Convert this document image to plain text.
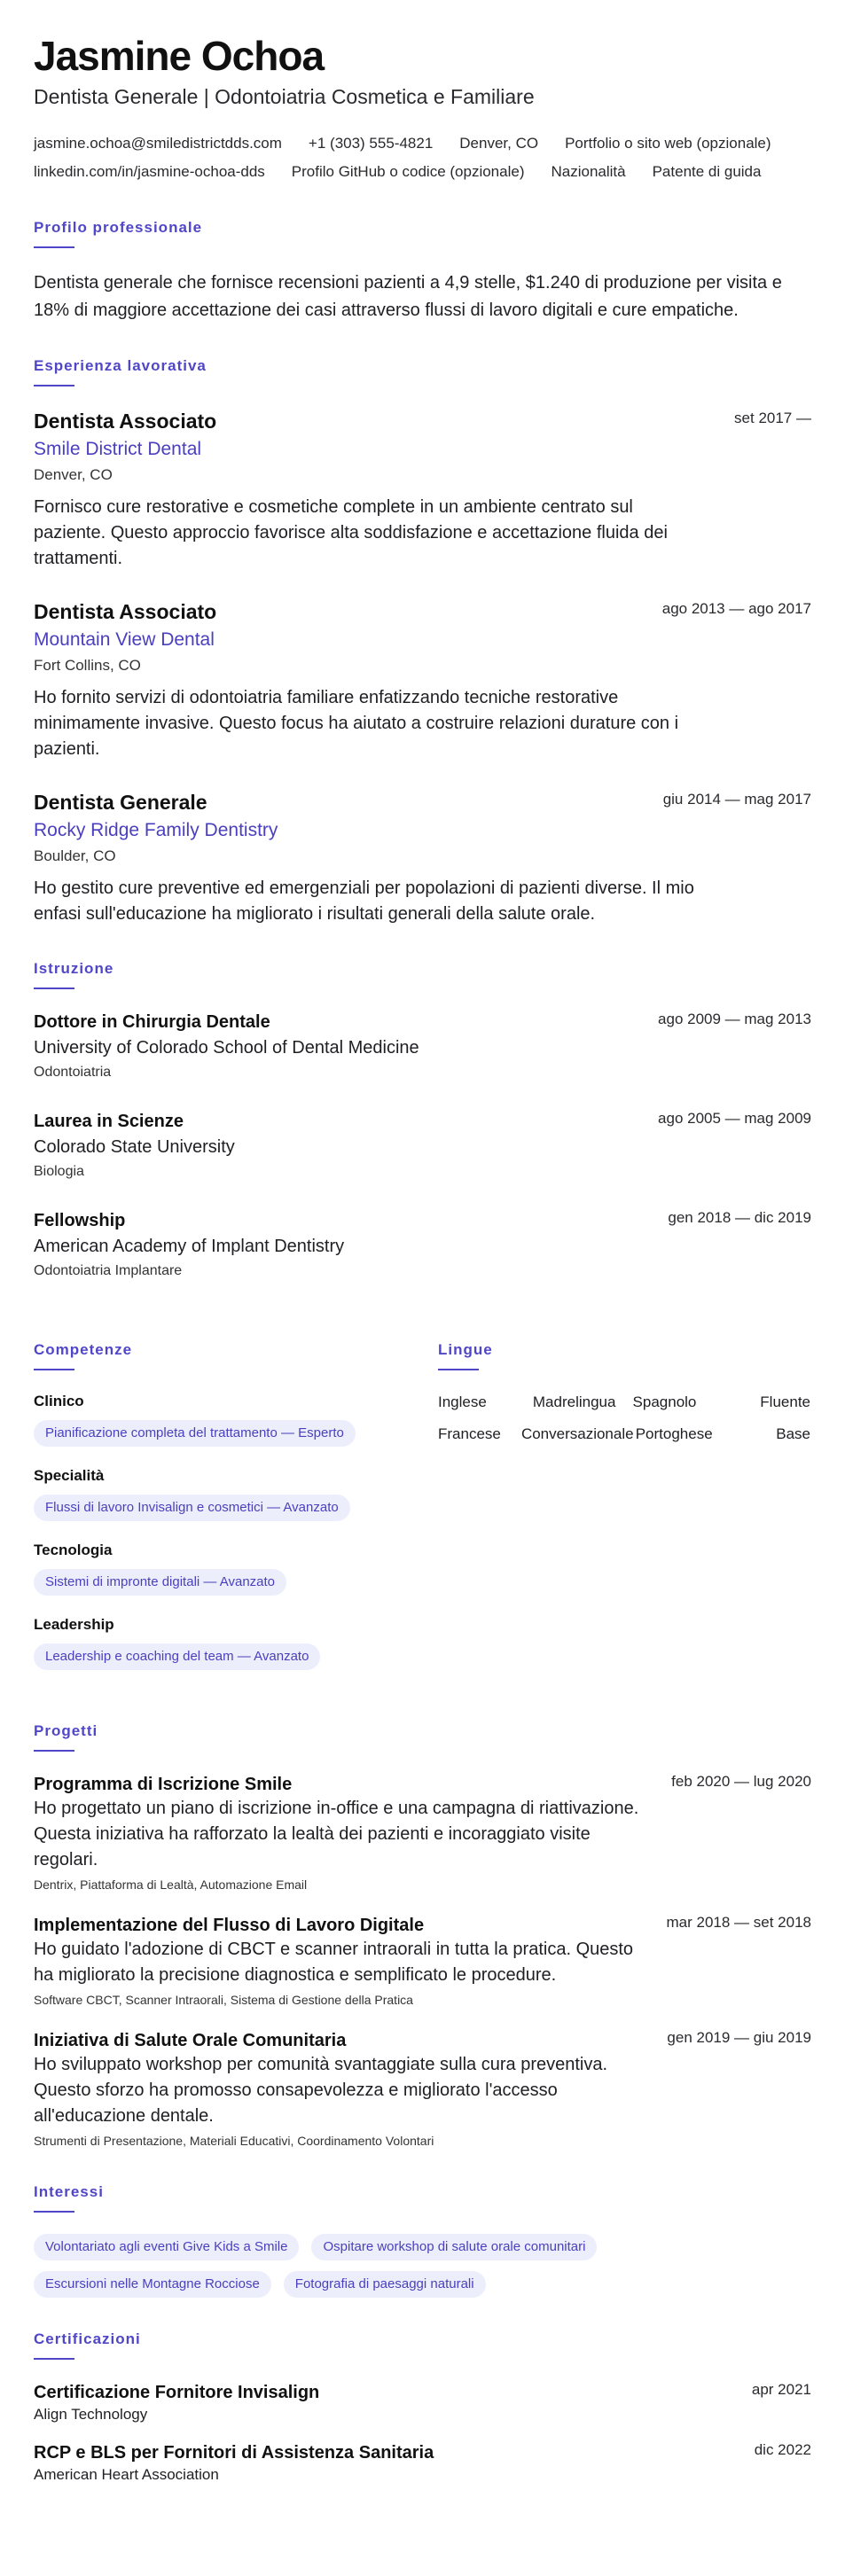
Jasmine Ochoa
Dentista Generale | Odontoiatria Cosmetica e Familiare
jasmine.ochoa@smiledistrictdds.com +1 (303) 555-4821 Denver, CO Portfolio o sito web (opzionale)
linkedin.com/in/jasmine-ochoa-dds Profilo GitHub o codice (opzionale) Nazionalità Patente di guida
Profilo professionale

Dentista generale che fornisce recensioni pazienti a 4,9 stelle, $1.240 di produzione per visita e 18% di maggiore accettazione dei casi attraverso flussi di lavoro digitali e cure empatiche.

Esperienza lavorativa
set 2017 —
Dentista Associato
Smile District Dental
Denver, CO

Fornisco cure restorative e cosmetiche complete in un ambiente centrato sul paziente. Questo approccio favorisce alta soddisfazione e accettazione fluida dei trattamenti.

ago 2013 — ago 2017
Dentista Associato
Mountain View Dental
Fort Collins, CO

Ho fornito servizi di odontoiatria familiare enfatizzando tecniche restorative minimamente invasive. Questo focus ha aiutato a costruire relazioni durature con i pazienti.

giu 2014 — mag 2017
Dentista Generale
Rocky Ridge Family Dentistry
Boulder, CO

Ho gestito cure preventive ed emergenziali per popolazioni di pazienti diverse. Il mio enfasi sull'educazione ha migliorato i risultati generali della salute orale.

Istruzione
ago 2009 — mag 2013
Dottore in Chirurgia Dentale
University of Colorado School of Dental Medicine
Odontoiatria
ago 2005 — mag 2009
Laurea in Scienze
Colorado State University
Biologia
gen 2018 — dic 2019
Fellowship
American Academy of Implant Dentistry
Odontoiatria Implantare
Competenze
Clinico
Pianificazione completa del trattamento — Esperto
Specialità
Flussi di lavoro Invisalign e cosmetici — Avanzato
Tecnologia
Sistemi di impronte digitali — Avanzato
Leadership
Leadership e coaching del team — Avanzato
Lingue
Inglese	Madrelingua Spagnolo	Fluente
Francese	Conversazionale Portoghese	Base
Progetti
feb 2020 — lug 2020
Programma di Iscrizione Smile

Ho progettato un piano di iscrizione in-office e una campagna di riattivazione. Questa iniziativa ha rafforzato la lealtà dei pazienti e incoraggiato visite regolari.

Dentrix, Piattaforma di Lealtà, Automazione Email
mar 2018 — set 2018
Implementazione del Flusso di Lavoro Digitale

Ho guidato l'adozione di CBCT e scanner intraorali in tutta la pratica. Questo ha migliorato la precisione diagnostica e semplificato le procedure.

Software CBCT, Scanner Intraorali, Sistema di Gestione della Pratica
gen 2019 — giu 2019
Iniziativa di Salute Orale Comunitaria

Ho sviluppato workshop per comunità svantaggiate sulla cura preventiva. Questo sforzo ha promosso consapevolezza e migliorato l'accesso all'educazione dentale.

Strumenti di Presentazione, Materiali Educativi, Coordinamento Volontari
Interessi
Volontariato agli eventi Give Kids a Smile	Ospitare workshop di salute orale comunitari
Escursioni nelle Montagne Rocciose	Fotografia di paesaggi naturali
Certificazioni
apr 2021
Certificazione Fornitore Invisalign
Align Technology
dic 2022
RCP e BLS per Fornitori di Assistenza Sanitaria
American Heart Association
